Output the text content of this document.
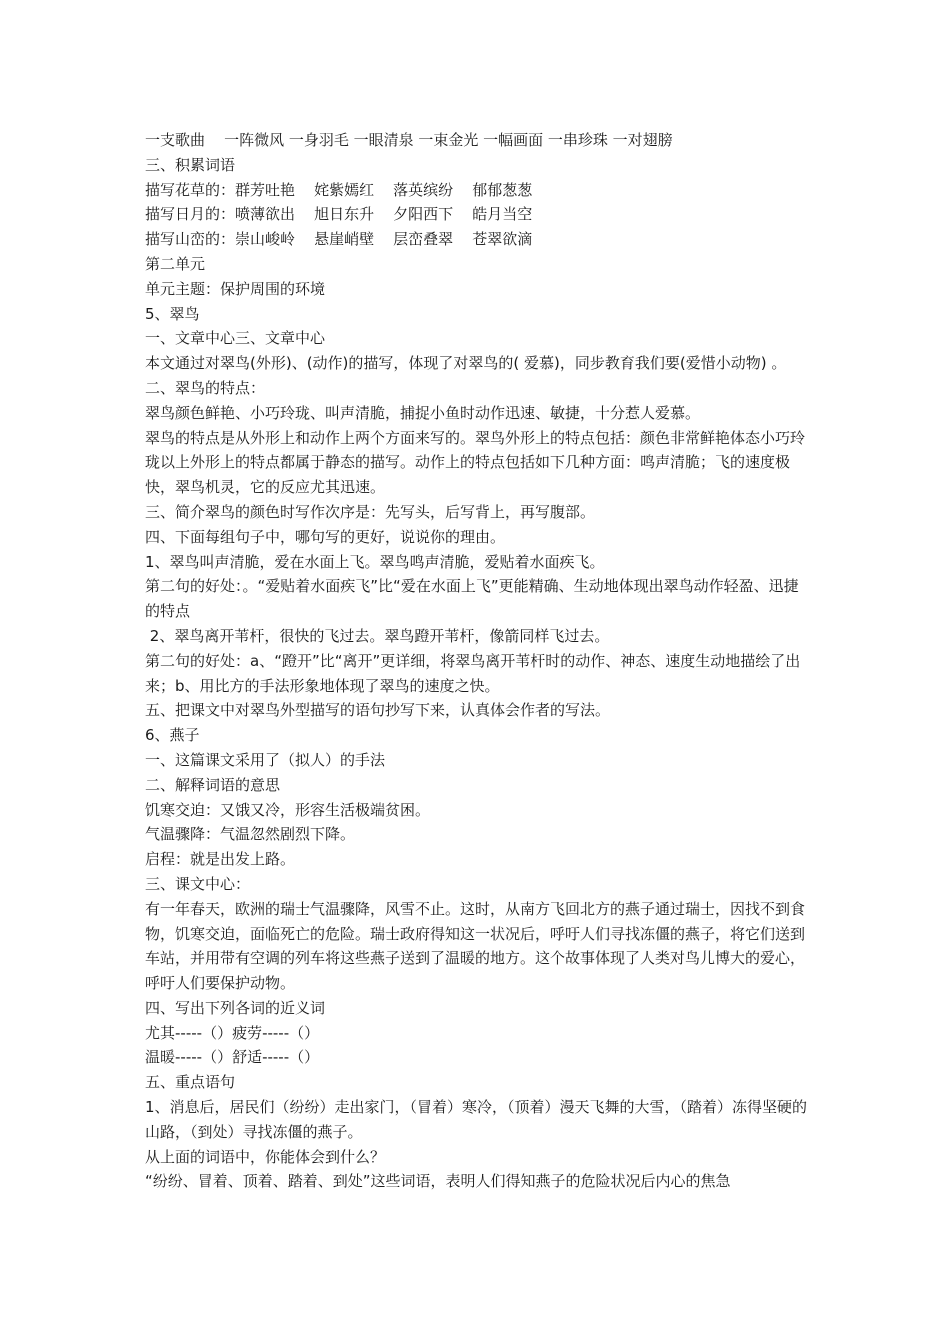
一支歌曲    一阵微风 一身羽毛 一眼清泉 一束金光 一幅画面 一串珍珠 一对翅膀

三、积累词语

描写花草的：群芳吐艳    姹紫嫣红    落英缤纷    郁郁葱葱

描写日月的：喷薄欲出    旭日东升    夕阳西下    皓月当空

描写山峦的：崇山峻岭    悬崖峭壁    层峦叠翠    苍翠欲滴

第二单元

单元主题：保护周围的环境

5、翠鸟

一、文章中心三、文章中心

本文通过对翠鸟(外形)、(动作)的描写，体现了对翠鸟的( 爱慕)，同步教育我们要(爱惜小动物) 。

二、翠鸟的特点：

翠鸟颜色鲜艳、小巧玲珑、叫声清脆，捕捉小鱼时动作迅速、敏捷，十分惹人爱慕。

翠鸟的特点是从外形上和动作上两个方面来写的。翠鸟外形上的特点包括：颜色非常鲜艳体态小巧玲珑以上外形上的特点都属于静态的描写。动作上的特点包括如下几种方面：鸣声清脆；飞的速度极快，翠鸟机灵，它的反应尤其迅速。

三、简介翠鸟的颜色时写作次序是：先写头，后写背上，再写腹部。

四、下面每组句子中，哪句写的更好，说说你的理由。

1、翠鸟叫声清脆，爱在水面上飞。翠鸟鸣声清脆，爱贴着水面疾飞。

第二句的好处：。“爱贴着水面疾飞”比“爱在水面上飞”更能精确、生动地体现出翠鸟动作轻盈、迅捷的特点

2、翠鸟离开苇杆，很快的飞过去。翠鸟蹬开苇杆，像箭同样飞过去。

第二句的好处：a、“蹬开”比“离开”更详细，将翠鸟离开苇杆时的动作、神态、速度生动地描绘了出来；b、用比方的手法形象地体现了翠鸟的速度之快。

五、把课文中对翠鸟外型描写的语句抄写下来，认真体会作者的写法。

6、燕子

一、这篇课文采用了（拟人）的手法

二、解释词语的意思

饥寒交迫：又饿又冷，形容生活极端贫困。

气温骤降：气温忽然剧烈下降。

启程：就是出发上路。

三、课文中心：

有一年春天，欧洲的瑞士气温骤降，风雪不止。这时，从南方飞回北方的燕子通过瑞士，因找不到食物，饥寒交迫，面临死亡的危险。瑞士政府得知这一状况后，呼吁人们寻找冻僵的燕子，将它们送到车站，并用带有空调的列车将这些燕子送到了温暖的地方。这个故事体现了人类对鸟儿博大的爱心，呼吁人们要保护动物。

四、写出下列各词的近义词

尤其-----（）疲劳-----（）

温暖-----（）舒适-----（）

五、重点语句

1、消息后，居民们（纷纷）走出家门，（冒着）寒冷，（顶着）漫天飞舞的大雪，（踏着）冻得坚硬的山路，（到处）寻找冻僵的燕子。

从上面的词语中，你能体会到什么？

“纷纷、冒着、顶着、踏着、到处”这些词语，表明人们得知燕子的危险状况后内心的焦急
